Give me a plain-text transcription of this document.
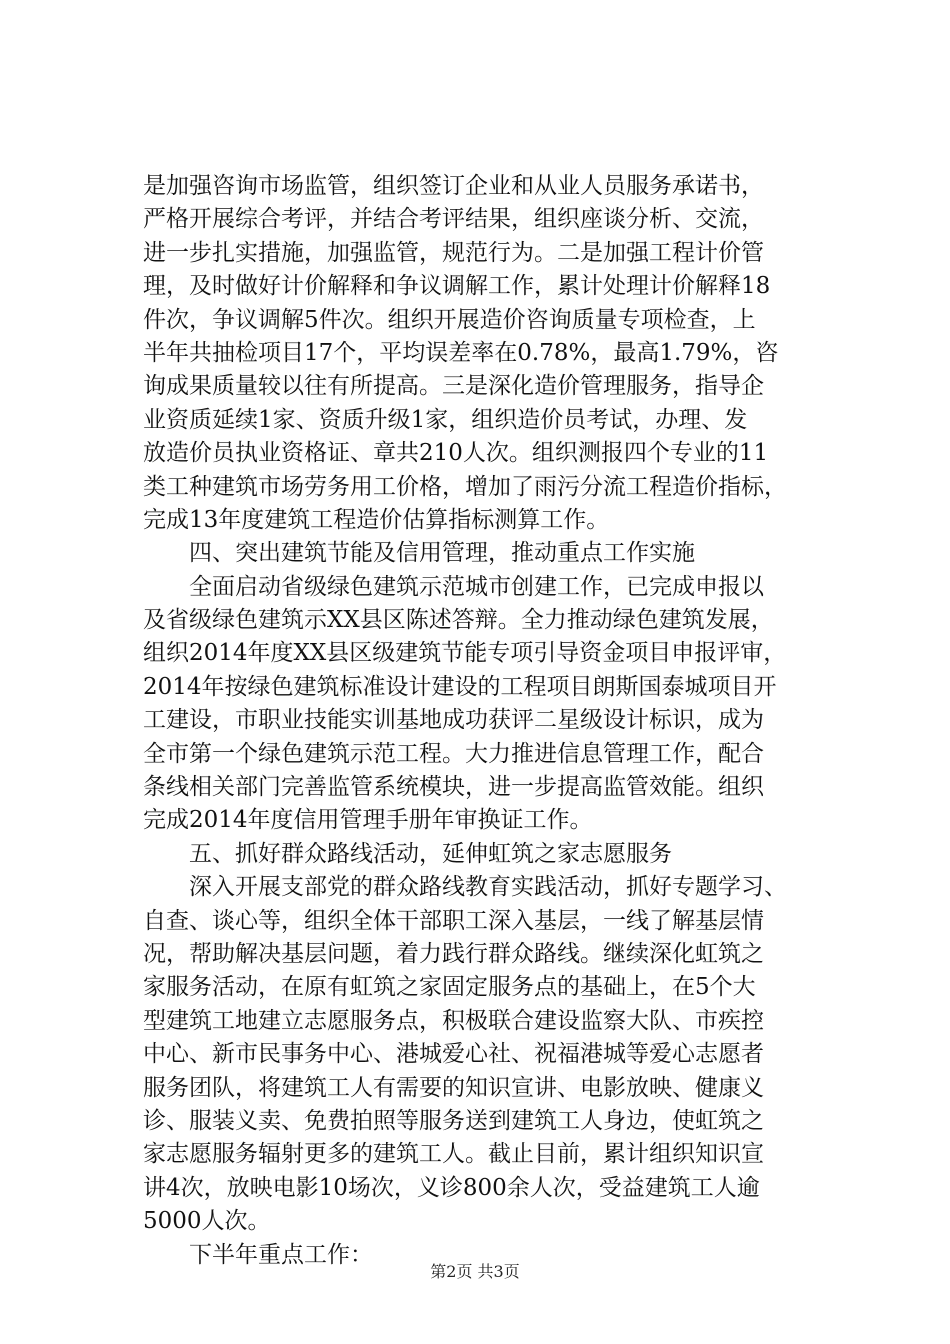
是加强咨询市场监管，组织签订企业和从业人员服务承诺书，
严格开展综合考评，并结合考评结果，组织座谈分析、交流，
进一步扎实措施，加强监管，规范行为。二是加强工程计价管
理，及时做好计价解释和争议调解工作，累计处理计价解释18
件次，争议调解5件次。组织开展造价咨询质量专项检查，上
半年共抽检项目17个，平均误差率在0.78%，最高1.79%，咨
询成果质量较以往有所提高。三是深化造价管理服务，指导企
业资质延续1家、资质升级1家，组织造价员考试，办理、发
放造价员执业资格证、章共210人次。组织测报四个专业的11
类工种建筑市场劳务用工价格，增加了雨污分流工程造价指标，
完成13年度建筑工程造价估算指标测算工作。
　　四、突出建筑节能及信用管理，推动重点工作实施
　　全面启动省级绿色建筑示范城市创建工作，已完成申报以
及省级绿色建筑示XX县区陈述答辩。全力推动绿色建筑发展，
组织2014年度XX县区级建筑节能专项引导资金项目申报评审，
2014年按绿色建筑标准设计建设的工程项目朗斯国泰城项目开
工建设，市职业技能实训基地成功获评二星级设计标识，成为
全市第一个绿色建筑示范工程。大力推进信息管理工作，配合
条线相关部门完善监管系统模块，进一步提高监管效能。组织
完成2014年度信用管理手册年审换证工作。
　　五、抓好群众路线活动，延伸虹筑之家志愿服务
　　深入开展支部党的群众路线教育实践活动，抓好专题学习、
自查、谈心等，组织全体干部职工深入基层，一线了解基层情
况，帮助解决基层问题，着力践行群众路线。继续深化虹筑之
家服务活动，在原有虹筑之家固定服务点的基础上，在5个大
型建筑工地建立志愿服务点，积极联合建设监察大队、市疾控
中心、新市民事务中心、港城爱心社、祝福港城等爱心志愿者
服务团队，将建筑工人有需要的知识宣讲、电影放映、健康义
诊、服装义卖、免费拍照等服务送到建筑工人身边，使虹筑之
家志愿服务辐射更多的建筑工人。截止目前，累计组织知识宣
讲4次，放映电影10场次，义诊800余人次，受益建筑工人逾
5000人次。
　　下半年重点工作：
第2页 共3页
